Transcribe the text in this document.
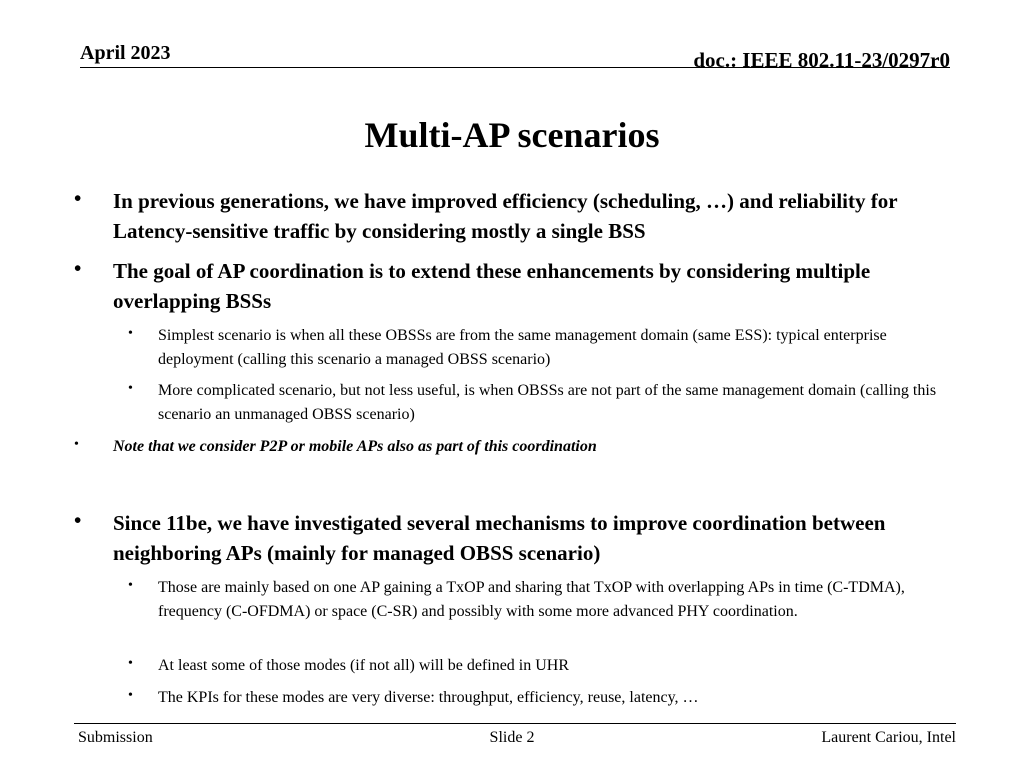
April 2023	doc.: IEEE 802.11-23/0297r0
Multi-AP scenarios
• In previous generations, we have improved efficiency (scheduling, …) and reliability for Latency-sensitive traffic by considering mostly a single BSS
• The goal of AP coordination is to extend these enhancements by considering multiple overlapping BSSs
• Simplest scenario is when all these OBSSs are from the same management domain (same ESS): typical enterprise deployment (calling this scenario a managed OBSS scenario)
• More complicated scenario, but not less useful, is when OBSSs are not part of the same management domain (calling this scenario an unmanaged OBSS scenario)
• Note that we consider P2P or mobile APs also as part of this coordination
• Since 11be, we have investigated several mechanisms to improve coordination between neighboring APs (mainly for managed OBSS scenario)
• Those are mainly based on one AP gaining a TxOP and sharing that TxOP with overlapping APs in time (C-TDMA), frequency (C-OFDMA) or space (C-SR) and possibly with some more advanced PHY coordination.
• At least some of those modes (if not all) will be defined in UHR
• The KPIs for these modes are very diverse: throughput, efficiency, reuse, latency, …
Submission	Slide 2	Laurent Cariou, Intel
